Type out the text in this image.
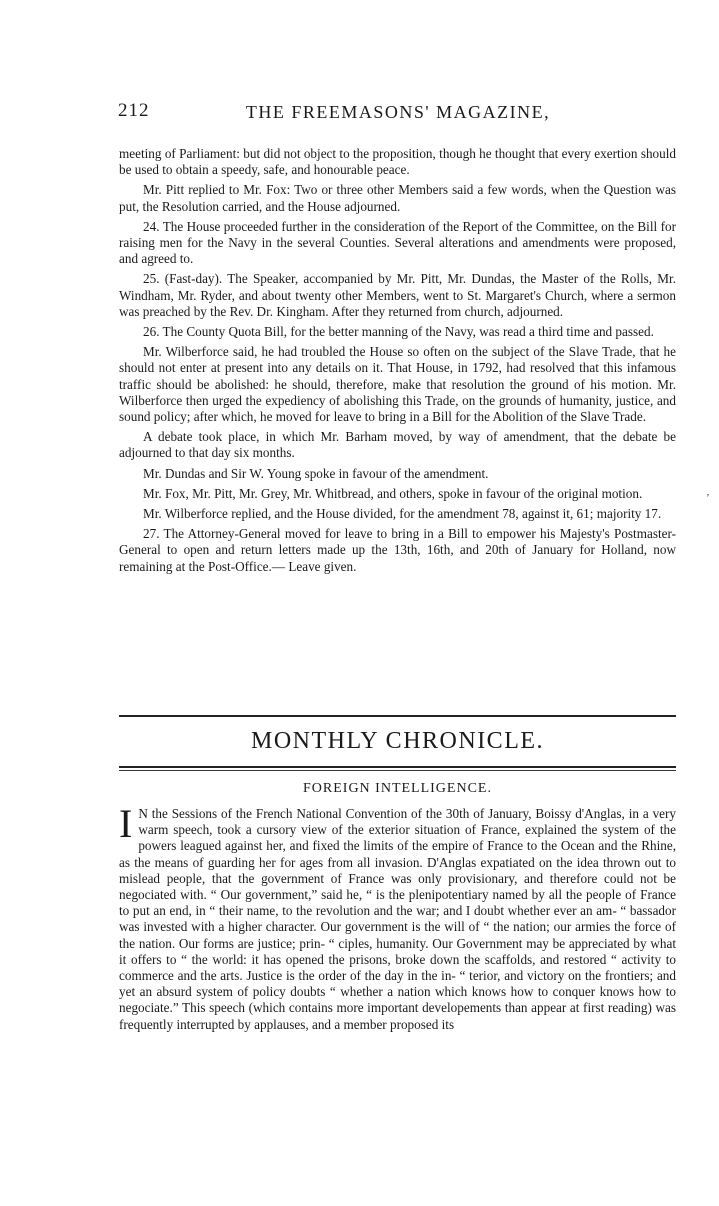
212	THE FREEMASONS' MAGAZINE,

meeting of Parliament: but did not object to the proposition, though he thought that every exertion should be used to obtain a speedy, safe, and honourable peace.

Mr. Pitt replied to Mr. Fox: Two or three other Members said a few words, when the Question was put, the Resolution carried, and the House adjourned.

24. The House proceeded further in the consideration of the Report of the Committee, on the Bill for raising men for the Navy in the several Counties. Several alterations and amendments were proposed, and agreed to.

25. (Fast-day). The Speaker, accompanied by Mr. Pitt, Mr. Dundas, the Master of the Rolls, Mr. Windham, Mr. Ryder, and about twenty other Members, went to St. Margaret's Church, where a sermon was preached by the Rev. Dr. Kingham. After they returned from church, adjourned.

26. The County Quota Bill, for the better manning of the Navy, was read a third time and passed.

Mr. Wilberforce said, he had troubled the House so often on the subject of the Slave Trade, that he should not enter at present into any details on it. That House, in 1792, had resolved that this infamous traffic should be abolished: he should, therefore, make that resolution the ground of his motion. Mr. Wilberforce then urged the expediency of abolishing this Trade, on the grounds of humanity, justice, and sound policy; after which, he moved for leave to bring in a Bill for the Abolition of the Slave Trade.

A debate took place, in which Mr. Barham moved, by way of amendment, that the debate be adjourned to that day six months.

Mr. Dundas and Sir W. Young spoke in favour of the amendment.

Mr. Fox, Mr. Pitt, Mr. Grey, Mr. Whitbread, and others, spoke in favour of the original motion.

Mr. Wilberforce replied, and the House divided, for the amendment 78, against it, 61; majority 17.

27. The Attorney-General moved for leave to bring in a Bill to empower his Majesty's Postmaster-General to open and return letters made up the 13th, 16th, and 20th of January for Holland, now remaining at the Post-Office.— Leave given.

’
MONTHLY CHRONICLE.
FOREIGN INTELLIGENCE.

I N the Sessions of the French National Convention of the 30th of January, Boissy d'Anglas, in a very warm speech, took a cursory view of the exterior situation of France, explained the system of the powers leagued against her, and fixed the limits of the empire of France to the Ocean and the Rhine, as the means of guarding her for ages from all invasion. D'Anglas expatiated on the idea thrown out to mislead people, that the government of France was only provisionary, and therefore could not be negociated with. “ Our government,” said he, “ is the plenipotentiary named by all the people of France to put an end, in “ their name, to the revolution and the war; and I doubt whether ever an am- “ bassador was invested with a higher character. Our government is the will of “ the nation; our armies the force of the nation. Our forms are justice; prin- “ ciples, humanity. Our Government may be appreciated by what it offers to “ the world: it has opened the prisons, broke down the scaffolds, and restored “ activity to commerce and the arts. Justice is the order of the day in the in- “ terior, and victory on the frontiers; and yet an absurd system of policy doubts “ whether a nation which knows how to conquer knows how to negociate.” This speech (which contains more important developements than appear at first reading) was frequently interrupted by applauses, and a member proposed its
